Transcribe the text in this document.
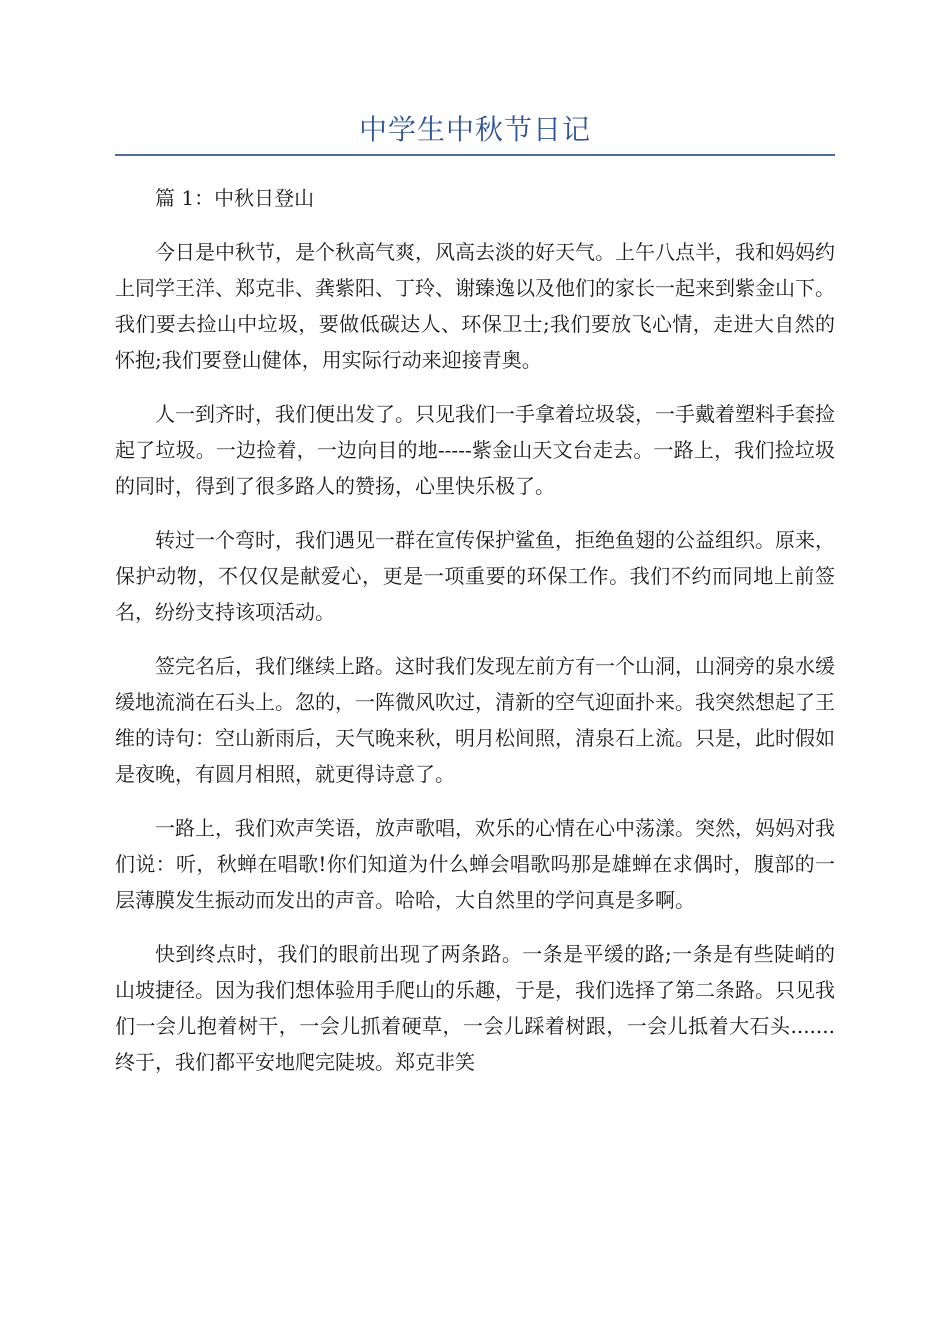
中学生中秋节日记

篇 1：中秋日登山

今日是中秋节，是个秋高气爽，风高去淡的好天气。上午八点半，我和妈妈约上同学王洋、郑克非、龚紫阳、丁玲、谢臻逸以及他们的家长一起来到紫金山下。我们要去捡山中垃圾，要做低碳达人、环保卫士;我们要放飞心情，走进大自然的怀抱;我们要登山健体，用实际行动来迎接青奥。

人一到齐时，我们便出发了。只见我们一手拿着垃圾袋，一手戴着塑料手套捡起了垃圾。一边捡着，一边向目的地-----紫金山天文台走去。一路上，我们捡垃圾的同时，得到了很多路人的赞扬，心里快乐极了。

转过一个弯时，我们遇见一群在宣传保护鲨鱼，拒绝鱼翅的公益组织。原来，保护动物，不仅仅是献爱心，更是一项重要的环保工作。我们不约而同地上前签名，纷纷支持该项活动。

签完名后，我们继续上路。这时我们发现左前方有一个山洞，山洞旁的泉水缓缓地流淌在石头上。忽的，一阵微风吹过，清新的空气迎面扑来。我突然想起了王维的诗句：空山新雨后，天气晚来秋，明月松间照，清泉石上流。只是，此时假如是夜晚，有圆月相照，就更得诗意了。

一路上，我们欢声笑语，放声歌唱，欢乐的心情在心中荡漾。突然，妈妈对我们说：听，秋蝉在唱歌!你们知道为什么蝉会唱歌吗那是雄蝉在求偶时，腹部的一层薄膜发生振动而发出的声音。哈哈，大自然里的学问真是多啊。

快到终点时，我们的眼前出现了两条路。一条是平缓的路;一条是有些陡峭的山坡捷径。因为我们想体验用手爬山的乐趣，于是，我们选择了第二条路。只见我们一会儿抱着树干，一会儿抓着硬草，一会儿踩着树跟，一会儿抵着大石头.......终于，我们都平安地爬完陡坡。郑克非笑
